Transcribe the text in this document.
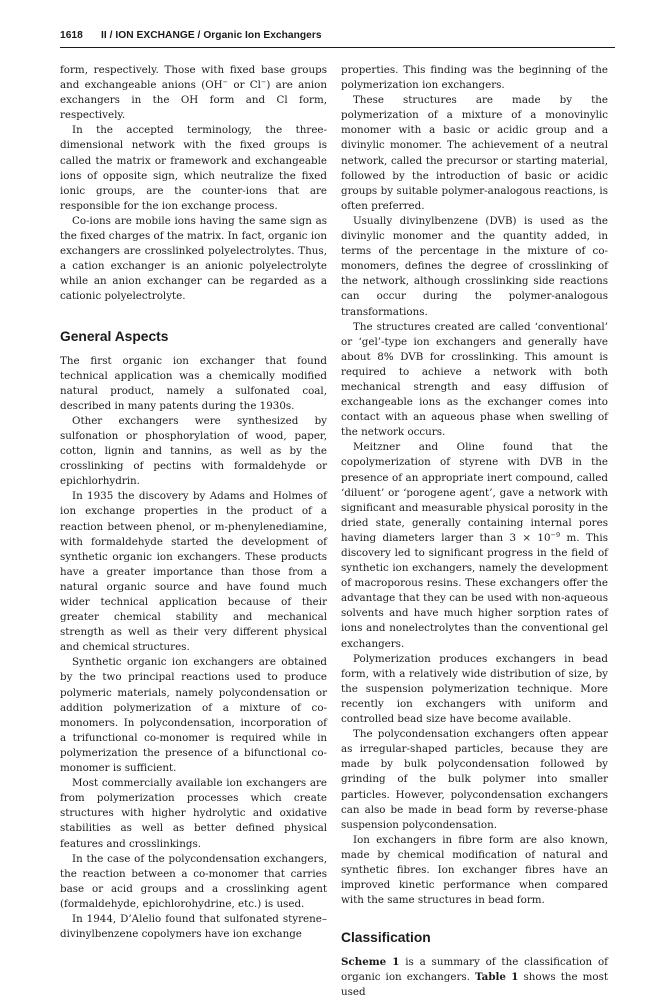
1618 II / ION EXCHANGE / Organic Ion Exchangers

form, respectively. Those with fixed base groups and exchangeable anions (OH− or Cl−) are anion exchangers in the OH form and Cl form, respectively.

In the accepted terminology, the three-dimensional network with the fixed groups is called the matrix or framework and exchangeable ions of opposite sign, which neutralize the fixed ionic groups, are the counter-ions that are responsible for the ion exchange process.

Co-ions are mobile ions having the same sign as the fixed charges of the matrix. In fact, organic ion exchangers are crosslinked polyelectrolytes. Thus, a cation exchanger is an anionic polyelectrolyte while an anion exchanger can be regarded as a cationic polyelectrolyte.

General Aspects

The first organic ion exchanger that found technical application was a chemically modified natural product, namely a sulfonated coal, described in many patents during the 1930s.

Other exchangers were synthesized by sulfonation or phosphorylation of wood, paper, cotton, lignin and tannins, as well as by the crosslinking of pectins with formaldehyde or epichlorhydrin.

In 1935 the discovery by Adams and Holmes of ion exchange properties in the product of a reaction between phenol, or m-phenylenediamine, with formaldehyde started the development of synthetic organic ion exchangers. These products have a greater importance than those from a natural organic source and have found much wider technical application because of their greater chemical stability and mechanical strength as well as their very different physical and chemical structures.

Synthetic organic ion exchangers are obtained by the two principal reactions used to produce polymeric materials, namely polycondensation or addition polymerization of a mixture of co-monomers. In polycondensation, incorporation of a trifunctional co-monomer is required while in polymerization the presence of a bifunctional co-monomer is sufficient.

Most commercially available ion exchangers are from polymerization processes which create structures with higher hydrolytic and oxidative stabilities as well as better defined physical features and crosslinkings.

In the case of the polycondensation exchangers, the reaction between a co-monomer that carries base or acid groups and a crosslinking agent (formaldehyde, epichlorohydrine, etc.) is used.

In 1944, D’Alelio found that sulfonated styrene–divinylbenzene copolymers have ion exchange

properties. This finding was the beginning of the polymerization ion exchangers.

These structures are made by the polymerization of a mixture of a monovinylic monomer with a basic or acidic group and a divinylic monomer. The achievement of a neutral network, called the precursor or starting material, followed by the introduction of basic or acidic groups by suitable polymer-analogous reactions, is often preferred.

Usually divinylbenzene (DVB) is used as the divinylic monomer and the quantity added, in terms of the percentage in the mixture of co-monomers, defines the degree of crosslinking of the network, although crosslinking side reactions can occur during the polymer-analogous transformations.

The structures created are called ‘conventional’ or ‘gel’-type ion exchangers and generally have about 8% DVB for crosslinking. This amount is required to achieve a network with both mechanical strength and easy diffusion of exchangeable ions as the exchanger comes into contact with an aqueous phase when swelling of the network occurs.

Meitzner and Oline found that the copolymerization of styrene with DVB in the presence of an appropriate inert compound, called ‘diluent’ or ‘porogene agent’, gave a network with significant and measurable physical porosity in the dried state, generally containing internal pores having diameters larger than $3 \times 10^{-9}$ m. This discovery led to significant progress in the field of synthetic ion exchangers, namely the development of macroporous resins. These exchangers offer the advantage that they can be used with non-aqueous solvents and have much higher sorption rates of ions and nonelectrolytes than the conventional gel exchangers.

Polymerization produces exchangers in bead form, with a relatively wide distribution of size, by the suspension polymerization technique. More recently ion exchangers with uniform and controlled bead size have become available.

The polycondensation exchangers often appear as irregular-shaped particles, because they are made by bulk polycondensation followed by grinding of the bulk polymer into smaller particles. However, polycondensation exchangers can also be made in bead form by reverse-phase suspension polycondensation.

Ion exchangers in fibre form are also known, made by chemical modification of natural and synthetic fibres. Ion exchanger fibres have an improved kinetic performance when compared with the same structures in bead form.

Classification

Scheme 1 is a summary of the classification of organic ion exchangers. Table 1 shows the most used
